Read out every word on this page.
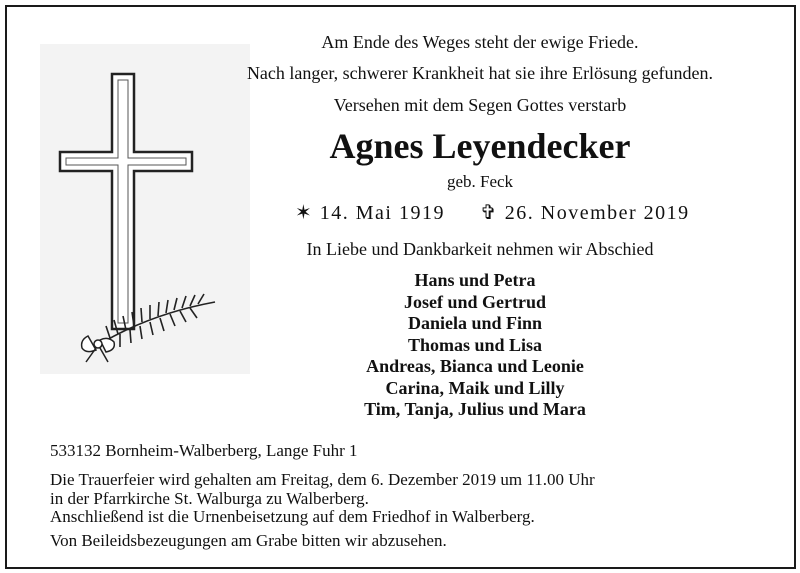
Am Ende des Weges steht der ewige Friede.
Nach langer, schwerer Krankheit hat sie ihre Erlösung gefunden.
Versehen mit dem Segen Gottes verstarb
Agnes Leyendecker
geb. Feck
✶ 14. Mai 1919 ✞ 26. November 2019
In Liebe und Dankbarkeit nehmen wir Abschied
Hans und Petra
Josef und Gertrud
Daniela und Finn
Thomas und Lisa
Andreas, Bianca und Leonie
Carina, Maik und Lilly
Tim, Tanja, Julius und Mara
533132 Bornheim-Walberberg, Lange Fuhr 1
Die Trauerfeier wird gehalten am Freitag, dem 6. Dezember 2019 um 11.00 Uhr
in der Pfarrkirche St. Walburga zu Walberberg.
Anschließend ist die Urnenbeisetzung auf dem Friedhof in Walberberg.
Von Beileidsbezeugungen am Grabe bitten wir abzusehen.
